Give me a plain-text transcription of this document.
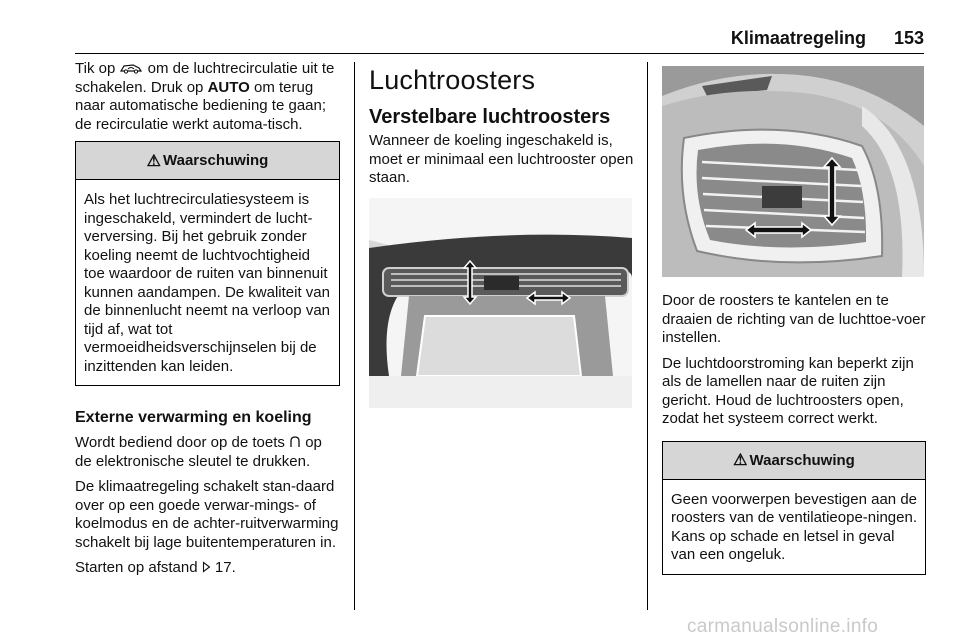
Klimaatregeling 153

Tik op  om de luchtrecirculatie uit te schakelen. Druk op AUTO om terug naar automatische bediening te gaan; de recirculatie werkt automa-tisch.

⚠ Waarschuwing
Als het luchtrecirculatiesysteem is ingeschakeld, vermindert de lucht-verversing. Bij het gebruik zonder koeling neemt de luchtvochtigheid toe waardoor de ruiten van binnenuit kunnen aandampen. De kwaliteit van de binnenlucht neemt na verloop van tijd af, wat tot vermoeidheidsverschijnselen bij de inzittenden kan leiden.
Externe verwarming en koeling

Wordt bediend door op de toets  op de elektronische sleutel te drukken.

De klimaatregeling schakelt stan-daard over op een goede verwar-mings- of koelmodus en de achter-ruitverwarming schakelt bij lage buitentemperaturen in.

Starten op afstand  17.

Luchtroosters
Verstelbare luchtroosters

Wanneer de koeling ingeschakeld is, moet er minimaal een luchtrooster open staan.

Door de roosters te kantelen en te draaien de richting van de luchttoe-voer instellen.

De luchtdoorstroming kan beperkt zijn als de lamellen naar de ruiten zijn gericht. Houd de luchtroosters open, zodat het systeem correct werkt.

⚠ Waarschuwing
Geen voorwerpen bevestigen aan de roosters van de ventilatieope-ningen. Kans op schade en letsel in geval van een ongeluk.
carmanualsonline.info
